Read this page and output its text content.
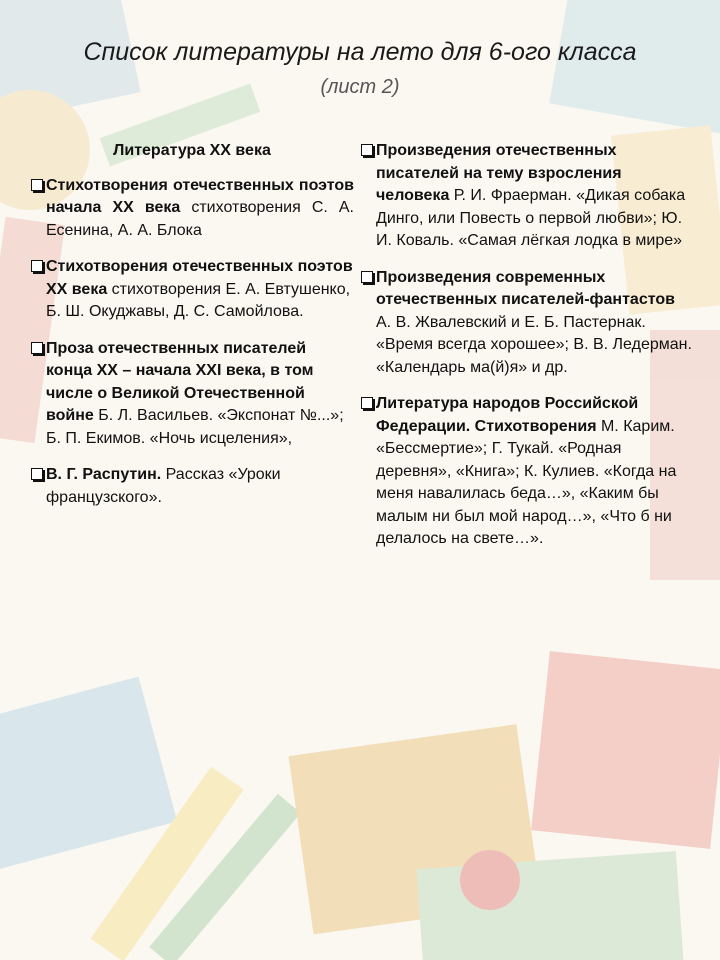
Список литературы на лето для 6-ого класса
(лист 2)
Литература XX века
Стихотворения отечественных поэтов начала XX века стихотворения С. А. Есенина, А. А. Блока
Стихотворения отечественных поэтов XX века стихотворения Е. А. Евтушенко, Б. Ш. Окуджавы, Д. С. Самойлова.
Проза отечественных писателей конца XX – начала XXI века, в том числе о Великой Отечественной войне Б. Л. Васильев. «Экспонат №...»; Б. П. Екимов. «Ночь исцеления»,
В. Г. Распутин. Рассказ «Уроки французского».
Произведения отечественных писателей на тему взросления человека Р. И. Фраерман. «Дикая собака Динго, или Повесть о первой любви»; Ю. И. Коваль. «Самая лёгкая лодка в мире»
Произведения современных отечественных писателей-фантастов А. В. Жвалевский и Е. Б. Пастернак. «Время всегда хорошее»; В. В. Ледерман. «Календарь ма(й)я» и др.
Литература народов Российской Федерации. Стихотворения М. Карим. «Бессмертие»; Г. Тукай. «Родная деревня», «Книга»; К. Кулиев. «Когда на меня навалилась беда…», «Каким бы малым ни был мой народ…», «Что б ни делалось на свете…».
